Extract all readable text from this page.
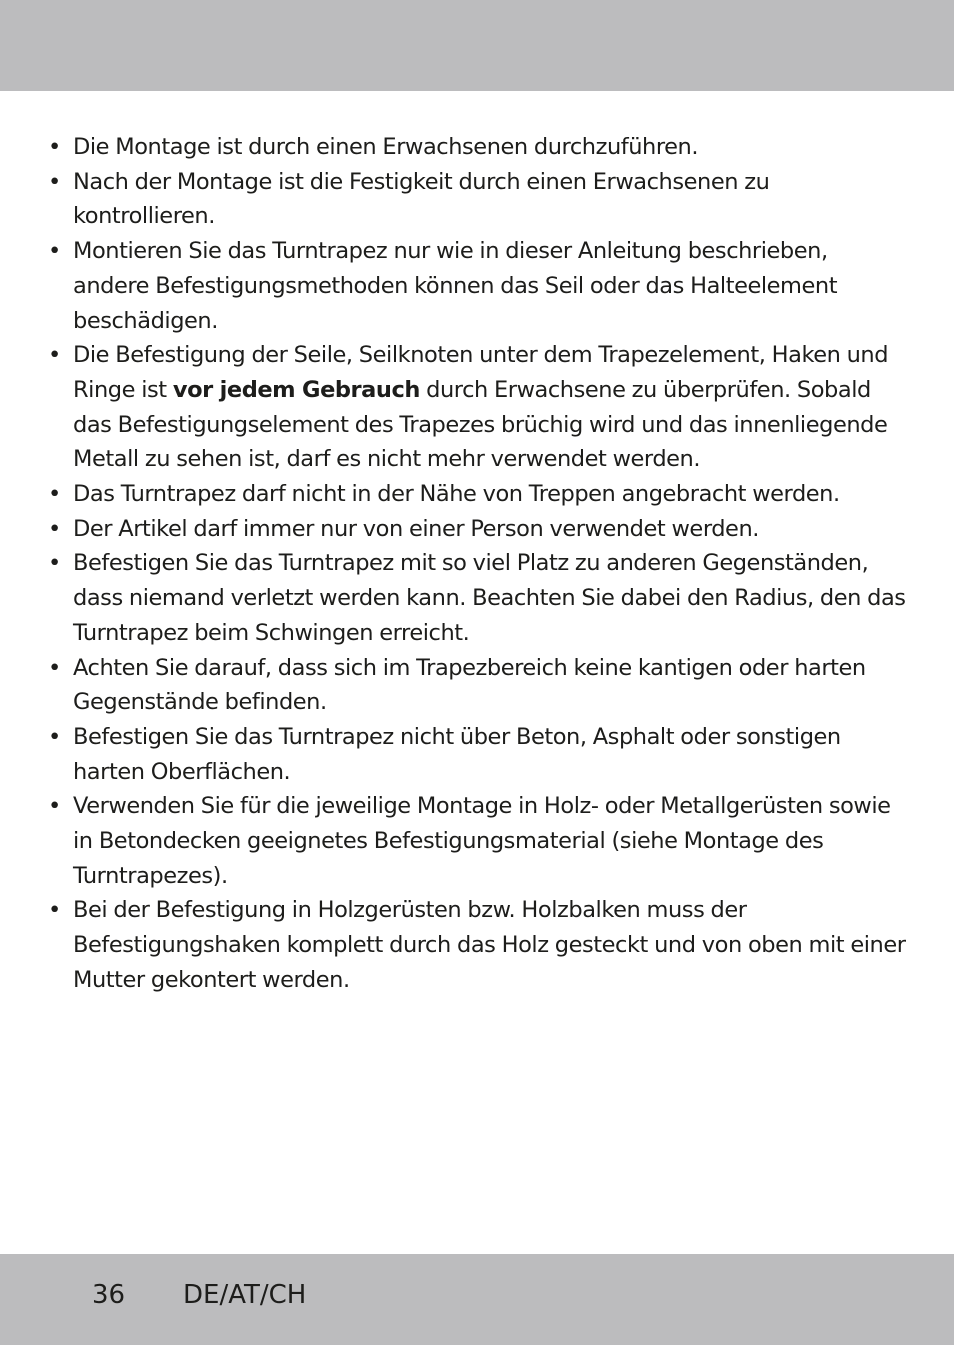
• Die Montage ist durch einen Erwachsenen durchzuführen.
• Nach der Montage ist die Festigkeit durch einen Erwachsenen zu kontrollieren.
• Montieren Sie das Turntrapez nur wie in dieser Anleitung beschrieben, andere Befestigungsmethoden können das Seil oder das Halteelement beschädigen.
• Die Befestigung der Seile, Seilknoten unter dem Trapezelement, Haken und Ringe ist vor jedem Gebrauch durch Erwachsene zu überprüfen. Sobald das Befestigungselement des Trapezes brüchig wird und das innenliegende Metall zu sehen ist, darf es nicht mehr verwendet werden.
• Das Turntrapez darf nicht in der Nähe von Treppen angebracht werden.
• Der Artikel darf immer nur von einer Person verwendet werden.
• Befestigen Sie das Turntrapez mit so viel Platz zu anderen Gegenständen, dass niemand verletzt werden kann. Beachten Sie dabei den Radius, den das Turntrapez beim Schwingen erreicht.
• Achten Sie darauf, dass sich im Trapezbereich keine kantigen oder harten Gegenstände befinden.
• Befestigen Sie das Turntrapez nicht über Beton, Asphalt oder sonstigen harten Oberflächen.
• Verwenden Sie für die jeweilige Montage in Holz- oder Metallgerüsten sowie in Betondecken geeignetes Befestigungsmaterial (siehe Montage des Turntrapezes).
• Bei der Befestigung in Holzgerüsten bzw. Holzbalken muss der Befestigungshaken komplett durch das Holz gesteckt und von oben mit einer Mutter gekontert werden.
36 DE/AT/CH
